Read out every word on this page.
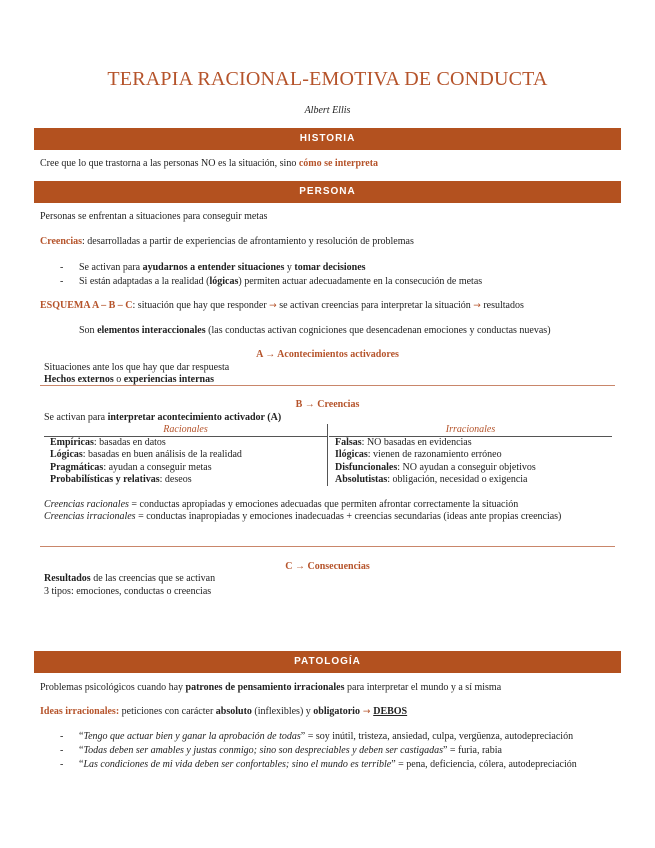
TERAPIA RACIONAL-EMOTIVA DE CONDUCTA
Albert Ellis
HISTORIA
Cree que lo que trastorna a las personas NO es la situación, sino cómo se interpreta
PERSONA
Personas se enfrentan a situaciones para conseguir metas
Creencias: desarrolladas a partir de experiencias de afrontamiento y resolución de problemas
- Se activan para ayudarnos a entender situaciones y tomar decisiones
- Si están adaptadas a la realidad (lógicas) permiten actuar adecuadamente en la consecución de metas
ESQUEMA A – B – C: situación que hay que responder → se activan creencias para interpretar la situación → resultados
Son elementos interaccionales (las conductas activan cogniciones que desencadenan emociones y conductas nuevas)
A → Acontecimientos activadores
Situaciones ante los que hay que dar respuesta
Hechos externos o experiencias internas
B → Creencias
Se activan para interpretar acontecimiento activador (A)
Racionales
Empíricas: basadas en datos
Lógicas: basadas en buen análisis de la realidad
Pragmáticas: ayudan a conseguir metas
Probabilísticas y relativas: deseos
Irracionales
Falsas: NO basadas en evidencias
Ilógicas: vienen de razonamiento erróneo
Disfuncionales: NO ayudan a conseguir objetivos
Absolutistas: obligación, necesidad o exigencia
Creencias racionales = conductas apropiadas y emociones adecuadas que permiten afrontar correctamente la situación
Creencias irracionales = conductas inapropiadas y emociones inadecuadas + creencias secundarias (ideas ante propias creencias)
C → Consecuencias
Resultados de las creencias que se activan
3 tipos: emociones, conductas o creencias
PATOLOGÍA
Problemas psicológicos cuando hay patrones de pensamiento irracionales para interpretar el mundo y a sí misma
Ideas irracionales: peticiones con carácter absoluto (inflexibles) y obligatorio → DEBOS
- “Tengo que actuar bien y ganar la aprobación de todas” = soy inútil, tristeza, ansiedad, culpa, vergüenza, autodepreciación
- “Todas deben ser amables y justas conmigo; sino son despreciables y deben ser castigadas” = furia, rabia
- “Las condiciones de mi vida deben ser confortables; sino el mundo es terrible” = pena, deficiencia, cólera, autodepreciación
